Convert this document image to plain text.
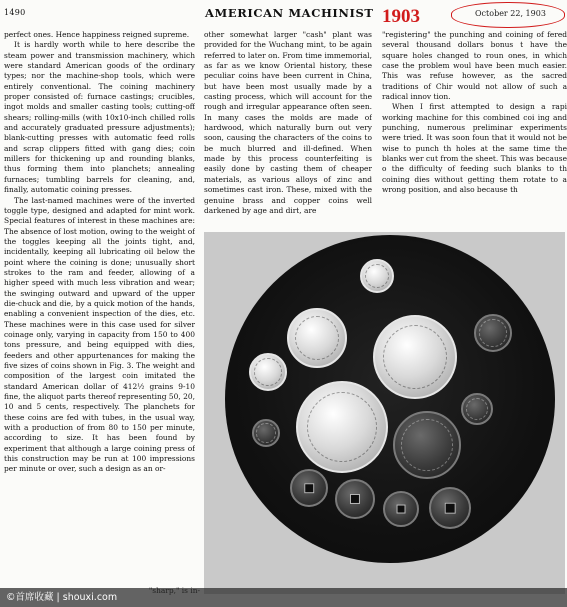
1490	AMERICAN MACHINIST 1903	October 22, 1903

perfect ones. Hence happiness reigned supreme.

It is hardly worth while to here describe the steam power and transmission machinery, which were standard American goods of the ordinary types; nor the machine-shop tools, which were entirely conventional. The coining machinery proper consisted of: furnace castings; crucibles, ingot molds and smaller casting tools; cutting-off shears; rolling-mills (with 10x10-inch chilled rolls and accurately graduated pressure adjustments); blank-cutting presses with automatic feed rolls and scrap clippers fitted with gang dies; coin millers for thickening up and rounding blanks, thus forming them into planchets; annealing furnaces; tumbling barrels for cleaning, and, finally, automatic coining presses.

The last-named machines were of the inverted toggle type, designed and adapted for mint work. Special features of interest in these machines are: The absence of lost motion, owing to the weight of the toggles keeping all the joints tight, and, incidentally, keeping all lubricating oil below the point where the coining is done; unusually short strokes to the ram and feeder, allowing of a higher speed with much less vibration and wear; the swinging outward and upward of the upper die-chuck and die, by a quick motion of the hands, enabling a convenient inspection of the dies, etc. These machines were in this case used for silver coinage only, varying in capacity from 150 to 400 tons pressure, and being equipped with dies, feeders and other appurtenances for making the five sizes of coins shown in Fig. 3. The weight and composition of the largest coin imitated the standard American dollar of 412½ grains 9-10 fine, the aliquot parts thereof representing 50, 20, 10 and 5 cents, respectively. The planchets for these coins are fed with tubes, in the usual way, with a production of from 80 to 150 per minute, according to size. It has been found by experiment that although a large coining press of this construction may be run at 100 impressions per minute or over, such a design as an or-

other somewhat larger "cash" plant was provided for the Wuchang mint, to be again referred to later on. From time immemorial, as far as we know Oriental history, these peculiar coins have been current in China, but have been most usually made by a casting process, which will account for the rough and irregular appearance often seen. In many cases the molds are made of hardwood, which naturally burn out very soon, causing the characters of the coins to be much blurred and ill-defined. When made by this process counterfeiting is easily done by casting them of cheaper materials, as various alloys of zinc and sometimes cast iron. These, mixed with the genuine brass and copper coins well darkened by age and dirt, are

"registering" the punching and coining of fered several thousand dollars bonus t have the square holes changed to roun ones, in which case the problem woul have been much easier. This was refuse however, as the sacred traditions of Chir would not allow of such a radical innov tion.

When I first attempted to design a rapi working machine for this combined coi ing and punching, numerous preliminar experiments were tried. It was soon foun that it would not be wise to punch th holes at the same time the blanks wer cut from the sheet. This was because o the difficulty of feeding such blanks to th coining dies without getting them rotate to a wrong position, and also because th

©首席收藏 | shouxi.com
